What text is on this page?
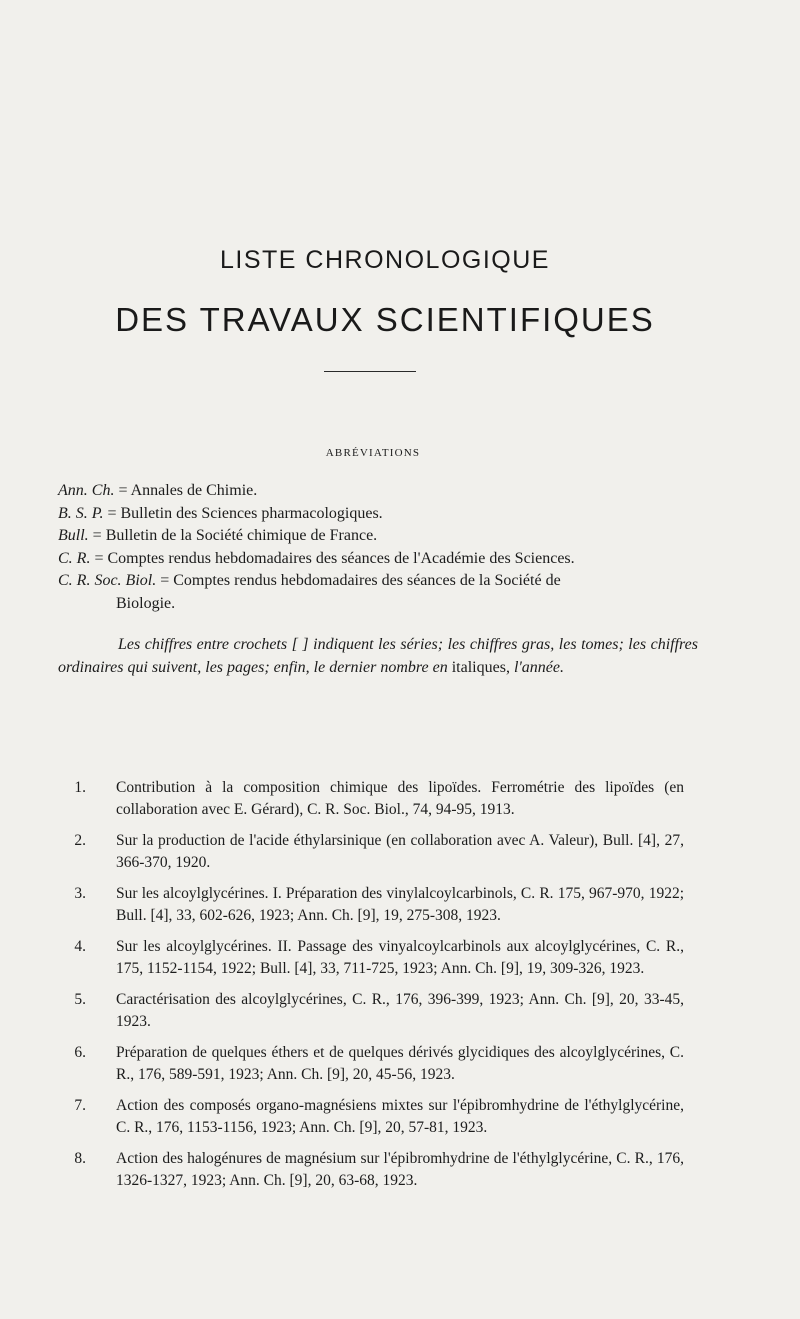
LISTE CHRONOLOGIQUE
DES TRAVAUX SCIENTIFIQUES
ABRÉVIATIONS
Ann. Ch. = Annales de Chimie.
B. S. P. = Bulletin des Sciences pharmacologiques.
Bull. = Bulletin de la Société chimique de France.
C. R. = Comptes rendus hebdomadaires des séances de l'Académie des Sciences.
C. R. Soc. Biol. = Comptes rendus hebdomadaires des séances de la Société de
Biologie.
Les chiffres entre crochets [ ] indiquent les séries; les chiffres gras, les tomes; les chiffres ordinaires qui suivent, les pages; enfin, le dernier nombre en italiques, l'année.
1. Contribution à la composition chimique des lipoïdes. Ferrométrie des lipoïdes (en collaboration avec E. Gérard), C. R. Soc. Biol., 74, 94-95, 1913.
2. Sur la production de l'acide éthylarsinique (en collaboration avec A. Valeur), Bull. [4], 27, 366-370, 1920.
3. Sur les alcoylglycérines. I. Préparation des vinylalcoylcarbinols, C. R. 175, 967-970, 1922; Bull. [4], 33, 602-626, 1923; Ann. Ch. [9], 19, 275-308, 1923.
4. Sur les alcoylglycérines. II. Passage des vinyalcoylcarbinols aux alcoylglycérines, C. R., 175, 1152-1154, 1922; Bull. [4], 33, 711-725, 1923; Ann. Ch. [9], 19, 309-326, 1923.
5. Caractérisation des alcoylglycérines, C. R., 176, 396-399, 1923; Ann. Ch. [9], 20, 33-45, 1923.
6. Préparation de quelques éthers et de quelques dérivés glycidiques des alcoylglycérines, C. R., 176, 589-591, 1923; Ann. Ch. [9], 20, 45-56, 1923.
7. Action des composés organo-magnésiens mixtes sur l'épibromhydrine de l'éthylglycérine, C. R., 176, 1153-1156, 1923; Ann. Ch. [9], 20, 57-81, 1923.
8. Action des halogénures de magnésium sur l'épibromhydrine de l'éthylglycérine, C. R., 176, 1326-1327, 1923; Ann. Ch. [9], 20, 63-68, 1923.
